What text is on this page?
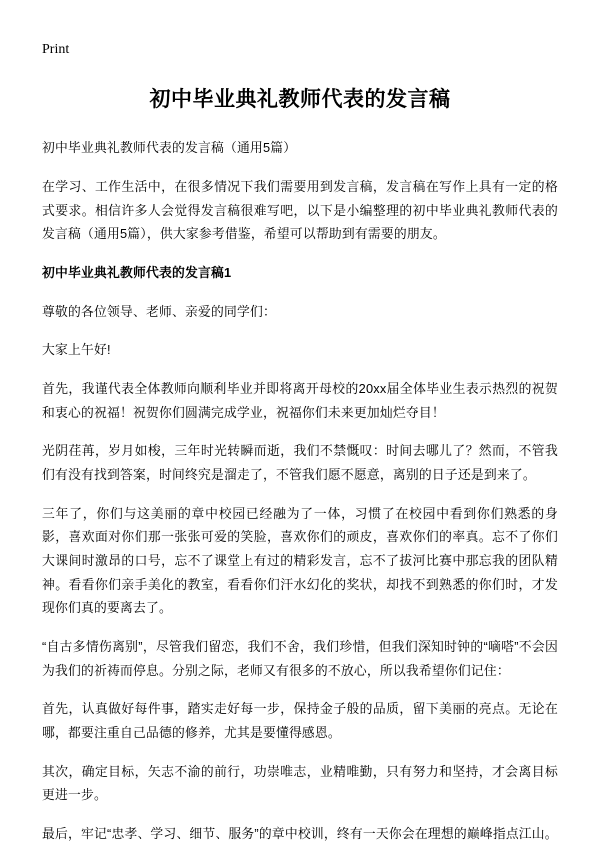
Print
初中毕业典礼教师代表的发言稿

初中毕业典礼教师代表的发言稿（通用5篇）

在学习、工作生活中，在很多情况下我们需要用到发言稿，发言稿在写作上具有一定的格式要求。相信许多人会觉得发言稿很难写吧，以下是小编整理的初中毕业典礼教师代表的发言稿（通用5篇），供大家参考借鉴，希望可以帮助到有需要的朋友。

初中毕业典礼教师代表的发言稿1

尊敬的各位领导、老师、亲爱的同学们：

大家上午好!

首先，我谨代表全体教师向顺利毕业并即将离开母校的20xx届全体毕业生表示热烈的祝贺和衷心的祝福！祝贺你们圆满完成学业，祝福你们未来更加灿烂夺目！

光阴荏苒，岁月如梭，三年时光转瞬而逝，我们不禁慨叹：时间去哪儿了？然而，不管我们有没有找到答案，时间终究是溜走了，不管我们愿不愿意，离别的日子还是到来了。

三年了，你们与这美丽的章中校园已经融为了一体，习惯了在校园中看到你们熟悉的身影，喜欢面对你们那一张张可爱的笑脸，喜欢你们的顽皮，喜欢你们的率真。忘不了你们大课间时激昂的口号，忘不了课堂上有过的精彩发言，忘不了拔河比赛中那忘我的团队精神。看看你们亲手美化的教室，看看你们汗水幻化的奖状，却找不到熟悉的你们时，才发现你们真的要离去了。

“自古多情伤离别”，尽管我们留恋，我们不舍，我们珍惜，但我们深知时钟的“嘀嗒”不会因为我们的祈祷而停息。分别之际，老师又有很多的不放心，所以我希望你们记住：

首先，认真做好每件事，踏实走好每一步，保持金子般的品质，留下美丽的亮点。无论在哪，都要注重自己品德的修养，尤其是要懂得感恩。

其次，确定目标，矢志不渝的前行，功崇唯志，业精唯勤，只有努力和坚持，才会离目标更进一步。

最后，牢记“忠孝、学习、细节、服务”的章中校训，终有一天你会在理想的巅峰指点江山。
